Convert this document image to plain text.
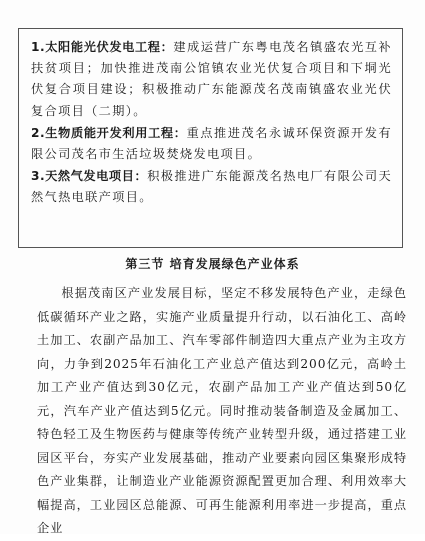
1.太阳能光伏发电工程：建成运营广东粤电茂名镇盛农光互补扶贫项目；加快推进茂南公馆镇农业光伏复合项目和下垌光伏复合项目建设；积极推动广东能源茂名茂南镇盛农业光伏复合项目（二期）。

2.生物质能开发利用工程：重点推进茂名永诚环保资源开发有限公司茂名市生活垃圾焚烧发电项目。

3.天然气发电项目：积极推进广东能源茂名热电厂有限公司天然气热电联产项目。

第三节 培育发展绿色产业体系

根据茂南区产业发展目标，坚定不移发展特色产业，走绿色低碳循环产业之路，实施产业质量提升行动，以石油化工、高岭土加工、农副产品加工、汽车零部件制造四大重点产业为主攻方向，力争到2025年石油化工产业总产值达到200亿元，高岭土加工产业产值达到30亿元，农副产品加工产业产值达到50亿元，汽车产业产值达到5亿元。同时推动装备制造及金属加工、特色轻工及生物医药与健康等传统产业转型升级，通过搭建工业园区平台，夯实产业发展基础，推动产业要素向园区集聚形成特色产业集群，让制造业产业能源资源配置更加合理、利用效率大幅提高，工业园区总能源、可再生能源利用率进一步提高，重点企业
